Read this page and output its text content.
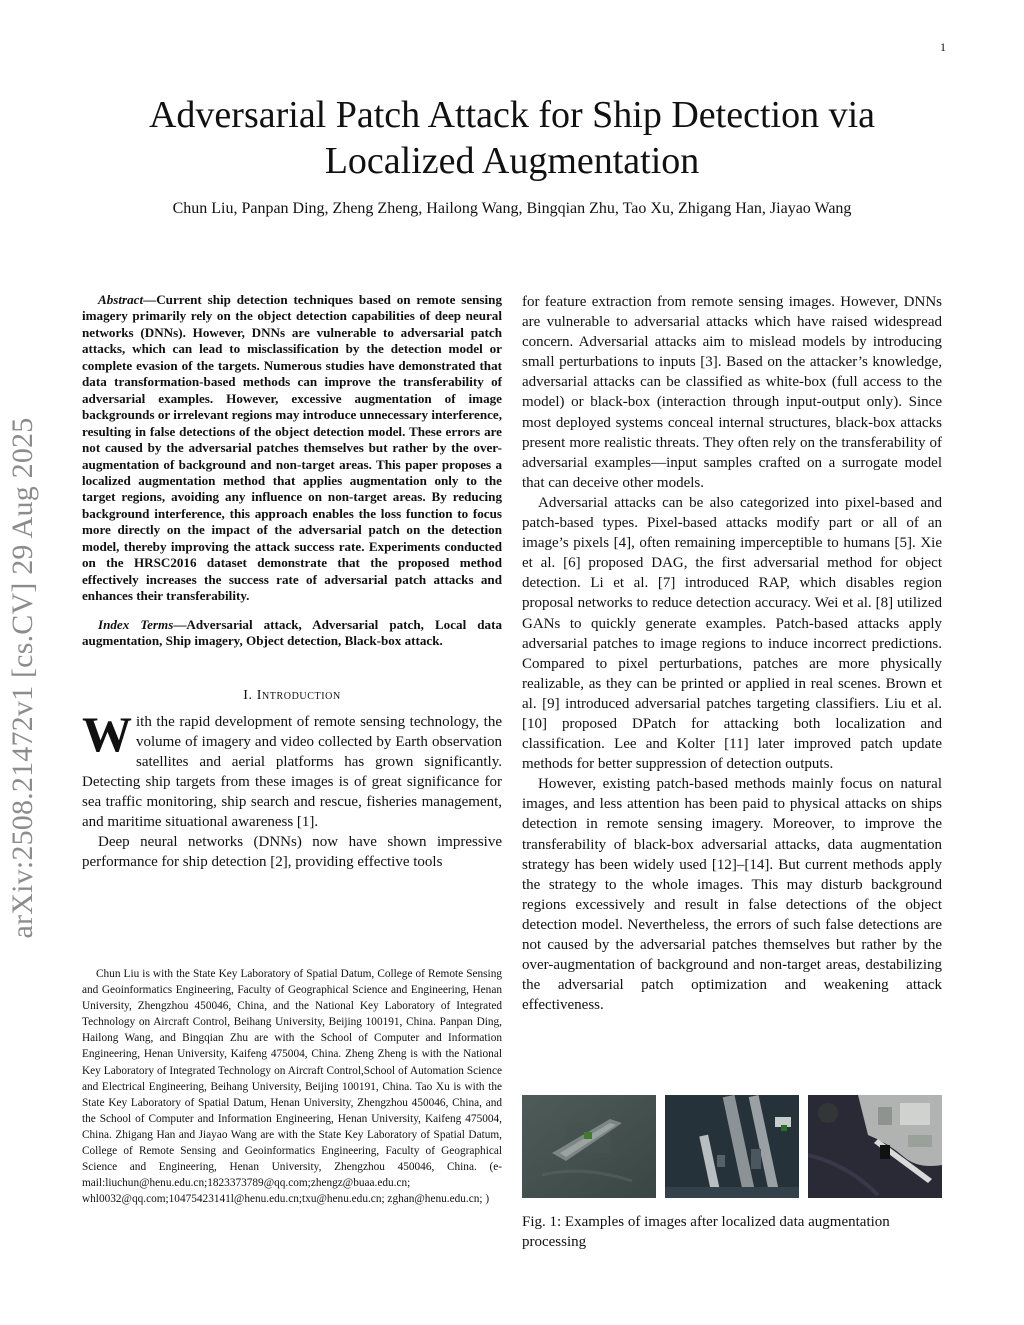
1
arXiv:2508.21472v1 [cs.CV] 29 Aug 2025
Adversarial Patch Attack for Ship Detection via Localized Augmentation

Chun Liu, Panpan Ding, Zheng Zheng, Hailong Wang, Bingqian Zhu, Tao Xu, Zhigang Han, Jiayao Wang

Abstract—Current ship detection techniques based on remote sensing imagery primarily rely on the object detection capabilities of deep neural networks (DNNs). However, DNNs are vulnerable to adversarial patch attacks, which can lead to misclassification by the detection model or complete evasion of the targets. Numerous studies have demonstrated that data transformation-based methods can improve the transferability of adversarial examples. However, excessive augmentation of image backgrounds or irrelevant regions may introduce unnecessary interference, resulting in false detections of the object detection model. These errors are not caused by the adversarial patches themselves but rather by the over-augmentation of background and non-target areas. This paper proposes a localized augmentation method that applies augmentation only to the target regions, avoiding any influence on non-target areas. By reducing background interference, this approach enables the loss function to focus more directly on the impact of the adversarial patch on the detection model, thereby improving the attack success rate. Experiments conducted on the HRSC2016 dataset demonstrate that the proposed method effectively increases the success rate of adversarial patch attacks and enhances their transferability.

Index Terms—Adversarial attack, Adversarial patch, Local data augmentation, Ship imagery, Object detection, Black-box attack.

I. Introduction

With the rapid development of remote sensing technology, the volume of imagery and video collected by Earth observation satellites and aerial platforms has grown significantly. Detecting ship targets from these images is of great significance for sea traffic monitoring, ship search and rescue, fisheries management, and maritime situational awareness [1].

Deep neural networks (DNNs) now have shown impressive performance for ship detection [2], providing effective tools

Chun Liu is with the State Key Laboratory of Spatial Datum, College of Remote Sensing and Geoinformatics Engineering, Faculty of Geographical Science and Engineering, Henan University, Zhengzhou 450046, China, and the National Key Laboratory of Integrated Technology on Aircraft Control, Beihang University, Beijing 100191, China. Panpan Ding, Hailong Wang, and Bingqian Zhu are with the School of Computer and Information Engineering, Henan University, Kaifeng 475004, China. Zheng Zheng is with the National Key Laboratory of Integrated Technology on Aircraft Control,School of Automation Science and Electrical Engineering, Beihang University, Beijing 100191, China. Tao Xu is with the State Key Laboratory of Spatial Datum, Henan University, Zhengzhou 450046, China, and the School of Computer and Information Engineering, Henan University, Kaifeng 475004, China. Zhigang Han and Jiayao Wang are with the State Key Laboratory of Spatial Datum, College of Remote Sensing and Geoinformatics Engineering, Faculty of Geographical Science and Engineering, Henan University, Zhengzhou 450046, China. (e-mail:liuchun@henu.edu.cn;1823373789@qq.com;zhengz@buaa.edu.cn; whl0032@qq.com;10475423141l@henu.edu.cn;txu@henu.edu.cn; zghan@henu.edu.cn; )

for feature extraction from remote sensing images. However, DNNs are vulnerable to adversarial attacks which have raised widespread concern. Adversarial attacks aim to mislead models by introducing small perturbations to inputs [3]. Based on the attacker’s knowledge, adversarial attacks can be classified as white-box (full access to the model) or black-box (interaction through input-output only). Since most deployed systems conceal internal structures, black-box attacks present more realistic threats. They often rely on the transferability of adversarial examples—input samples crafted on a surrogate model that can deceive other models.

Adversarial attacks can be also categorized into pixel-based and patch-based types. Pixel-based attacks modify part or all of an image’s pixels [4], often remaining imperceptible to humans [5]. Xie et al. [6] proposed DAG, the first adversarial method for object detection. Li et al. [7] introduced RAP, which disables region proposal networks to reduce detection accuracy. Wei et al. [8] utilized GANs to quickly generate examples. Patch-based attacks apply adversarial patches to image regions to induce incorrect predictions. Compared to pixel perturbations, patches are more physically realizable, as they can be printed or applied in real scenes. Brown et al. [9] introduced adversarial patches targeting classifiers. Liu et al. [10] proposed DPatch for attacking both localization and classification. Lee and Kolter [11] later improved patch update methods for better suppression of detection outputs.

However, existing patch-based methods mainly focus on natural images, and less attention has been paid to physical attacks on ships detection in remote sensing imagery. Moreover, to improve the transferability of black-box adversarial attacks, data augmentation strategy has been widely used [12]–[14]. But current methods apply the strategy to the whole images. This may disturb background regions excessively and result in false detections of the object detection model. Nevertheless, the errors of such false detections are not caused by the adversarial patches themselves but rather by the over-augmentation of background and non-target areas, destabilizing the adversarial patch optimization and weakening attack effectiveness.

Fig. 1: Examples of images after localized data augmentation processing
